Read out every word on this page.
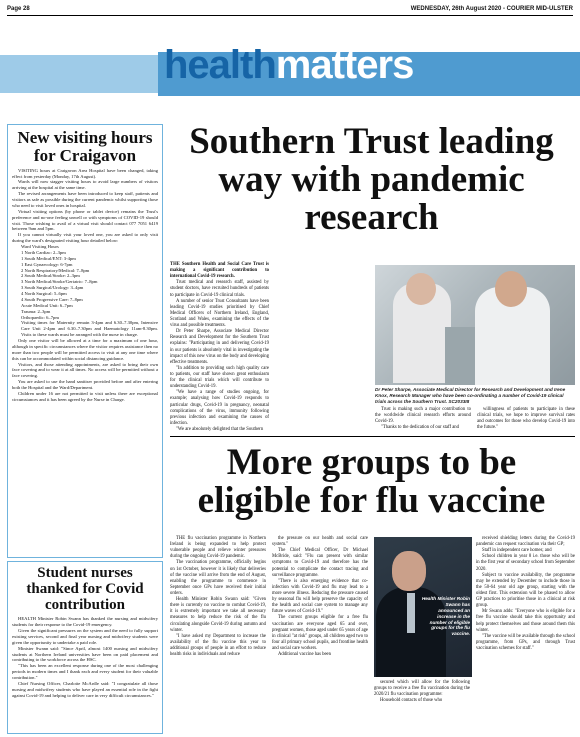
Page 28	WEDNESDAY, 26th August 2020 - COURIER MID-ULSTER
healthmatters
New visiting hours for Craigavon

VISITING hours at Craigavon Area Hospital have been changed, taking effect from yesterday (Monday, 17th August).

Wards will now stagger visiting hours to avoid large numbers of visitors arriving at the hospital at the same time.

The revised arrangements have been introduced to keep staff, patients and visitors as safe as possible during the current pandemic whilst supporting those who need to visit loved ones in hospital.

Virtual visiting options (by phone or tablet device) remains the Trust's preference and no-one feeling unwell or with symptoms of COVID-19 should visit. Those wishing to avail of a virtual visit should contact 077 7051 6419 between 9am and 5pm.

If you cannot virtually visit your loved one, you are asked to only visit during the ward's designated visiting hour detailed below:

Ward Visiting Hours
1 North Cardiac: 2–3pm
1 South Medical/ENT: 3-4pm
1 East Gynaecology: 6-7pm
2 North Respiratory/Medical: 7–8pm
2 South Medical/Stroke: 2–3pm
3 North Medical/Stroke/Geriatric: 7–8pm
3 South Surgical/Urology: 3–4pm
4 North Surgical: 5–6pm
4 South Progressive Care: 7–8pm
Acute Medical Unit: 6–7pm
Trauma: 2–3pm
Orthopaedic: 6–7pm
Visiting times for Maternity remain 3-4pm and 6.30–7.30pm, Intensive Care Unit 2-4pm and 6.30–7.30pm and Haematology 11am-8.30pm. Visits to these wards must be arranged with the nurse in charge.

Only one visitor will be allowed at a time for a maximum of one hour, although in specific circumstances where the visitor requires assistance then no more than two people will be permitted access to visit at any one time where this can be accommodated within social distancing guidance.

Visitors, and those attending appointments, are asked to bring their own face covering and to wear it at all times. No access will be permitted without a face covering.

You are asked to use the hand sanitiser provided before and after entering both the Hospital and the Ward/Department.

Children under 16 are not permitted to visit unless there are exceptional circumstances and it has been agreed by the Nurse in Charge.

Student nurses thanked for Covid contribution

HEALTH Minister Robin Swann has thanked the nursing and midwifery students for their response to the Covid-19 emergency.

Given the significant pressures on the system and the need to fully support existing services, second and final year nursing and midwifery students were given the opportunity to undertake a paid role.

Minister Swann said: "Since April, almost 1400 nursing and midwifery students at Northern Ireland universities have been on paid placement and contributing to the workforce across the HSC.

"This has been an excellent response during one of the most challenging periods in modern times and I thank each and every student for their valuable contribution."

Chief Nursing Officer, Charlotte McArdle said: "I congratulate all those nursing and midwifery students who have played an essential role in the fight against Covid-19 and helping to deliver care in very difficult circumstances."

Southern Trust leading way with pandemic research

THE Southern Health and Social Care Trust is making a significant contribution to international Covid-19 research.

Trust medical and research staff, assisted by student doctors, have recruited hundreds of patients to participate in Covid-19 clinical trials.

A number of senior Trust Consultants have been leading Covid-19 studies prioritised by Chief Medical Officers of Northern Ireland, England, Scotland and Wales, examining the effects of the virus and possible treatments.

Dr Peter Sharpe, Associate Medical Director Research and Development for the Southern Trust explains: "Participating in and delivering Covid-19 in our patients is absolutely vital in investigating the impact of this new virus on the body and developing effective treatments.

"In addition to providing such high quality care to patients, our staff have shown great enthusiasm for the clinical trials which will contribute to understanding Covid-19.

"We have a range of studies ongoing, for example; analysing how Covid-19 responds to particular drugs, Covid-19 in pregnancy, neonatal complications of the virus, immunity following previous infection and examining the causes of infection.

"We are absolutely delighted that the Southern

Dr Peter Sharpe, Associate Medical Director for Research and Development and Irene Knox, Research Manager who have been co-ordinating a number of Covid-19 clinical trials across the Southern Trust. SC2033I8

Trust is making such a major contribution to the worldwide clinical research efforts around Covid-19.

"Thanks to the dedication of our staff and

willingness of patients to participate in these clinical trials, we hope to improve survival rates and outcomes for those who develop Covid-19 into the future."

More groups to be eligible for flu vaccine

THE flu vaccination programme in Northern Ireland is being expanded to help protect vulnerable people and relieve winter pressures during the ongoing Covid-19 pandemic.

The vaccination programme, officially begins on 1st October, however it is likely that deliveries of the vaccine will arrive from the end of August, enabling the programme to commence in September once GPs have received their initial orders.

Health Minister Robin Swann said: "Given there is currently no vaccine to combat Covid-19, it is extremely important we take all necessary measures to help reduce the risk of the flu circulating alongside Covid-19 during autumn and winter.

"I have asked my Department to increase the availability of the flu vaccine this year to additional groups of people in an effort to reduce health risks in individuals and reduce

the pressure on our health and social care system."

The Chief Medical Officer, Dr Michael McBride, said: "Flu can present with similar symptoms to Covid-19 and therefore has the potential to complicate the contact tracing and surveillance programme.

"There is also emerging evidence that co-infection with Covid-19 and flu may lead to a more severe illness. Reducing the pressure caused by seasonal flu will help preserve the capacity of the health and social care system to manage any future waves of Covid-19."

The current groups eligible for a free flu vaccination are everyone aged 65 and over, pregnant women, those aged under 65 years of age in clinical "at risk" groups, all children aged two to four all primary school pupils, and frontline health and social care workers.

Additional vaccine has been

Health Minister Robin Swann has announced an increase in the number of eligible groups for the flu vaccine.

secured which will allow for the following groups to receive a free flu vaccination during the 2020/21 flu vaccination programme:

Household contacts of those who

received shielding letters during the Covid-19 pandemic can request vaccination via their GP;

Staff in independent care homes; and

School children in year 8 i.e. those who will be in the first year of secondary school from September 2020.

Subject to vaccine availability, the programme may be extended by December to include those in the 50-64 year old age group, starting with the oldest first. This extension will be phased to allow GP practices to prioritise those in a clinical at risk group.

Mr Swann adds: "Everyone who is eligible for a free flu vaccine should take this opportunity and help protect themselves and those around them this winter.

"The vaccine will be available through the school programme, from GPs, and through Trust vaccination schemes for staff."
